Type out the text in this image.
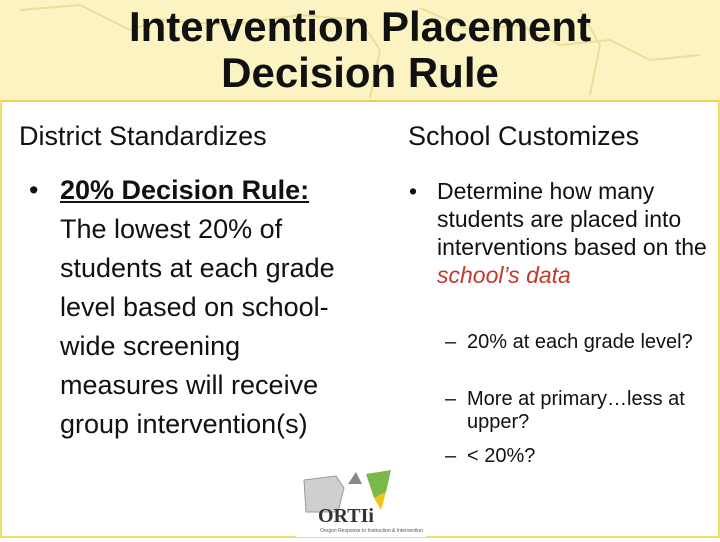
Intervention Placement
Decision Rule
District Standardizes	School Customizes
• 20% Decision Rule:  The lowest 20% of students at each grade level based on school-wide screening measures will receive group intervention(s)
• Determine how many students are placed into interventions based on the school’s data
– 20% at each grade level?
– More at primary…less at upper?
– < 20%?
ORTIi
Oregon Response to Instruction & Intervention
